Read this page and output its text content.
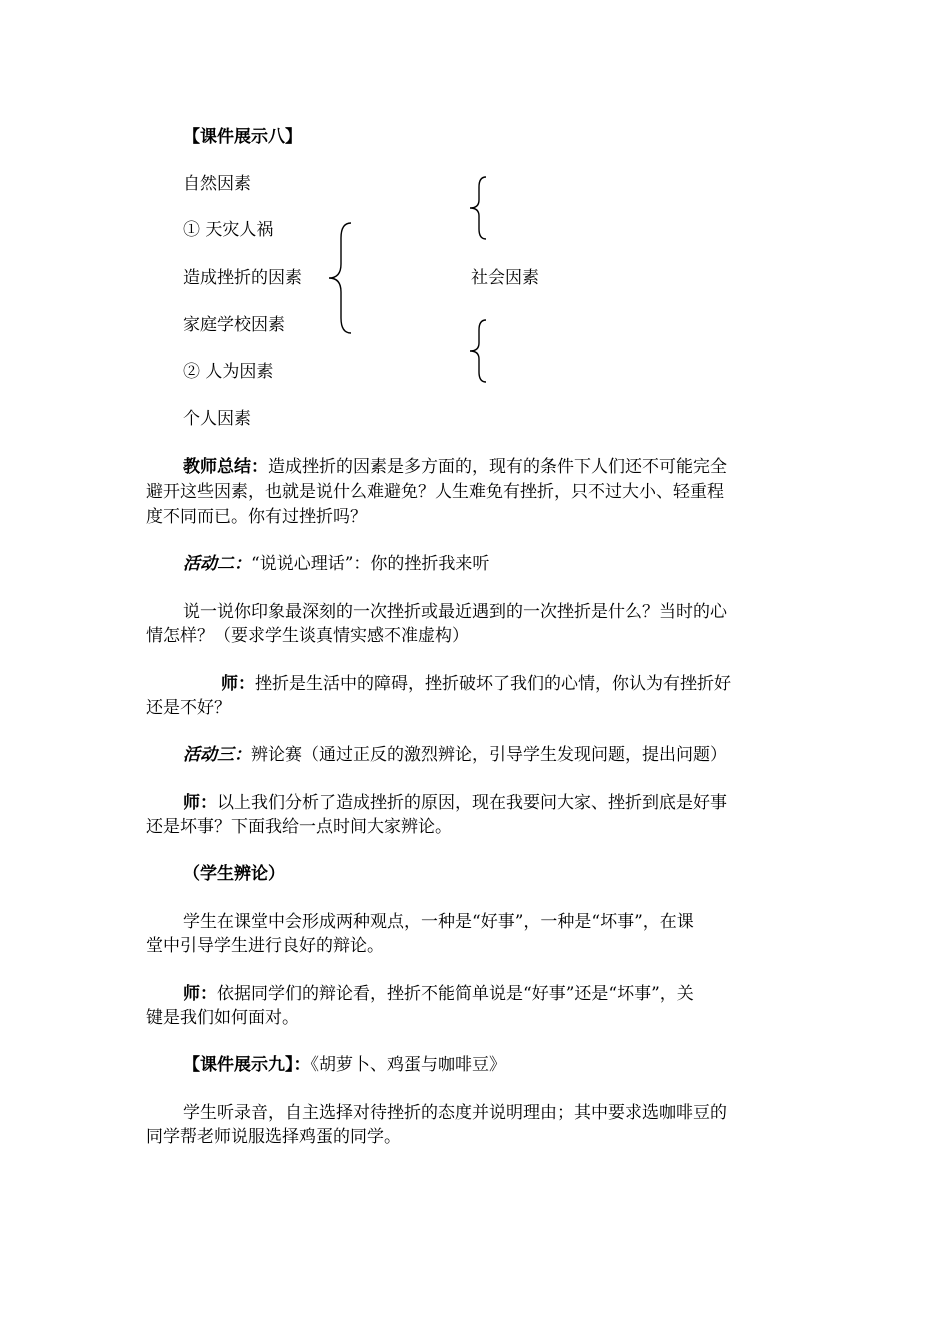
【课件展示八】
自然因素
① 天灾人祸
造成挫折的因素
家庭学校因素
② 人为因素
个人因素
社会因素
教师总结：造成挫折的因素是多方面的，现有的条件下人们还不可能完全
避开这些因素，也就是说什么难避免？人生难免有挫折，只不过大小、轻重程
度不同而已。你有过挫折吗？
活动二：“说说心理话”：你的挫折我来听
说一说你印象最深刻的一次挫折或最近遇到的一次挫折是什么？当时的心
情怎样？（要求学生谈真情实感不准虚构）
师：挫折是生活中的障碍，挫折破坏了我们的心情，你认为有挫折好
还是不好？
活动三：辨论赛（通过正反的激烈辨论，引导学生发现问题，提出问题）
师：以上我们分析了造成挫折的原因，现在我要问大家、挫折到底是好事
还是坏事？下面我给一点时间大家辨论。
（学生辨论）
学生在课堂中会形成两种观点，一种是“好事”，一种是“坏事”，在课
堂中引导学生进行良好的辩论。
师：依据同学们的辩论看，挫折不能简单说是“好事”还是“坏事”，关
键是我们如何面对。
【课件展示九】：《胡萝卜、鸡蛋与咖啡豆》
学生听录音，自主选择对待挫折的态度并说明理由；其中要求选咖啡豆的
同学帮老师说服选择鸡蛋的同学。
